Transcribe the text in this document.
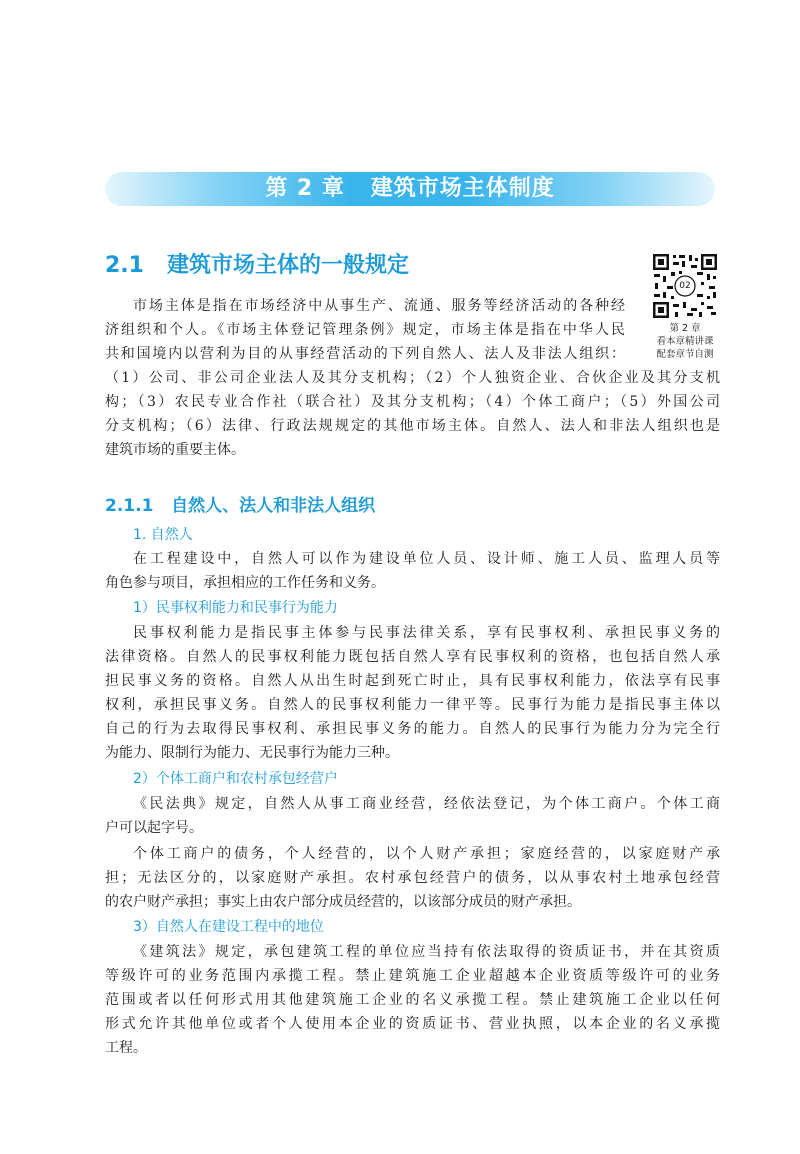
第 2 章   建筑市场主体制度
2.1   建筑市场主体的一般规定
02
第 2 章
看本章精讲课
配套章节自测
市场主体是指在市场经济中从事生产、流通、服务等经济活动的各种经
济组织和个人。《市场主体登记管理条例》规定，市场主体是指在中华人民
共和国境内以营利为目的从事经营活动的下列自然人、法人及非法人组织：
（1）公司、非公司企业法人及其分支机构；（2）个人独资企业、合伙企业及其分支机
构；（3）农民专业合作社（联合社）及其分支机构；（4）个体工商户；（5）外国公司
分支机构；（6）法律、行政法规规定的其他市场主体。自然人、法人和非法人组织也是
建筑市场的重要主体。
2.1.1   自然人、法人和非法人组织
1. 自然人
在工程建设中，自然人可以作为建设单位人员、设计师、施工人员、监理人员等
角色参与项目，承担相应的工作任务和义务。
1）民事权利能力和民事行为能力
民事权利能力是指民事主体参与民事法律关系，享有民事权利、承担民事义务的
法律资格。自然人的民事权利能力既包括自然人享有民事权利的资格，也包括自然人承
担民事义务的资格。自然人从出生时起到死亡时止，具有民事权利能力，依法享有民事
权利，承担民事义务。自然人的民事权利能力一律平等。民事行为能力是指民事主体以
自己的行为去取得民事权利、承担民事义务的能力。自然人的民事行为能力分为完全行
为能力、限制行为能力、无民事行为能力三种。
2）个体工商户和农村承包经营户
《民法典》规定，自然人从事工商业经营，经依法登记，为个体工商户。个体工商
户可以起字号。
个体工商户的债务，个人经营的，以个人财产承担；家庭经营的，以家庭财产承
担；无法区分的，以家庭财产承担。农村承包经营户的债务，以从事农村土地承包经营
的农户财产承担；事实上由农户部分成员经营的，以该部分成员的财产承担。
3）自然人在建设工程中的地位
《建筑法》规定，承包建筑工程的单位应当持有依法取得的资质证书，并在其资质
等级许可的业务范围内承揽工程。禁止建筑施工企业超越本企业资质等级许可的业务
范围或者以任何形式用其他建筑施工企业的名义承揽工程。禁止建筑施工企业以任何
形式允许其他单位或者个人使用本企业的资质证书、营业执照，以本企业的名义承揽
工程。
